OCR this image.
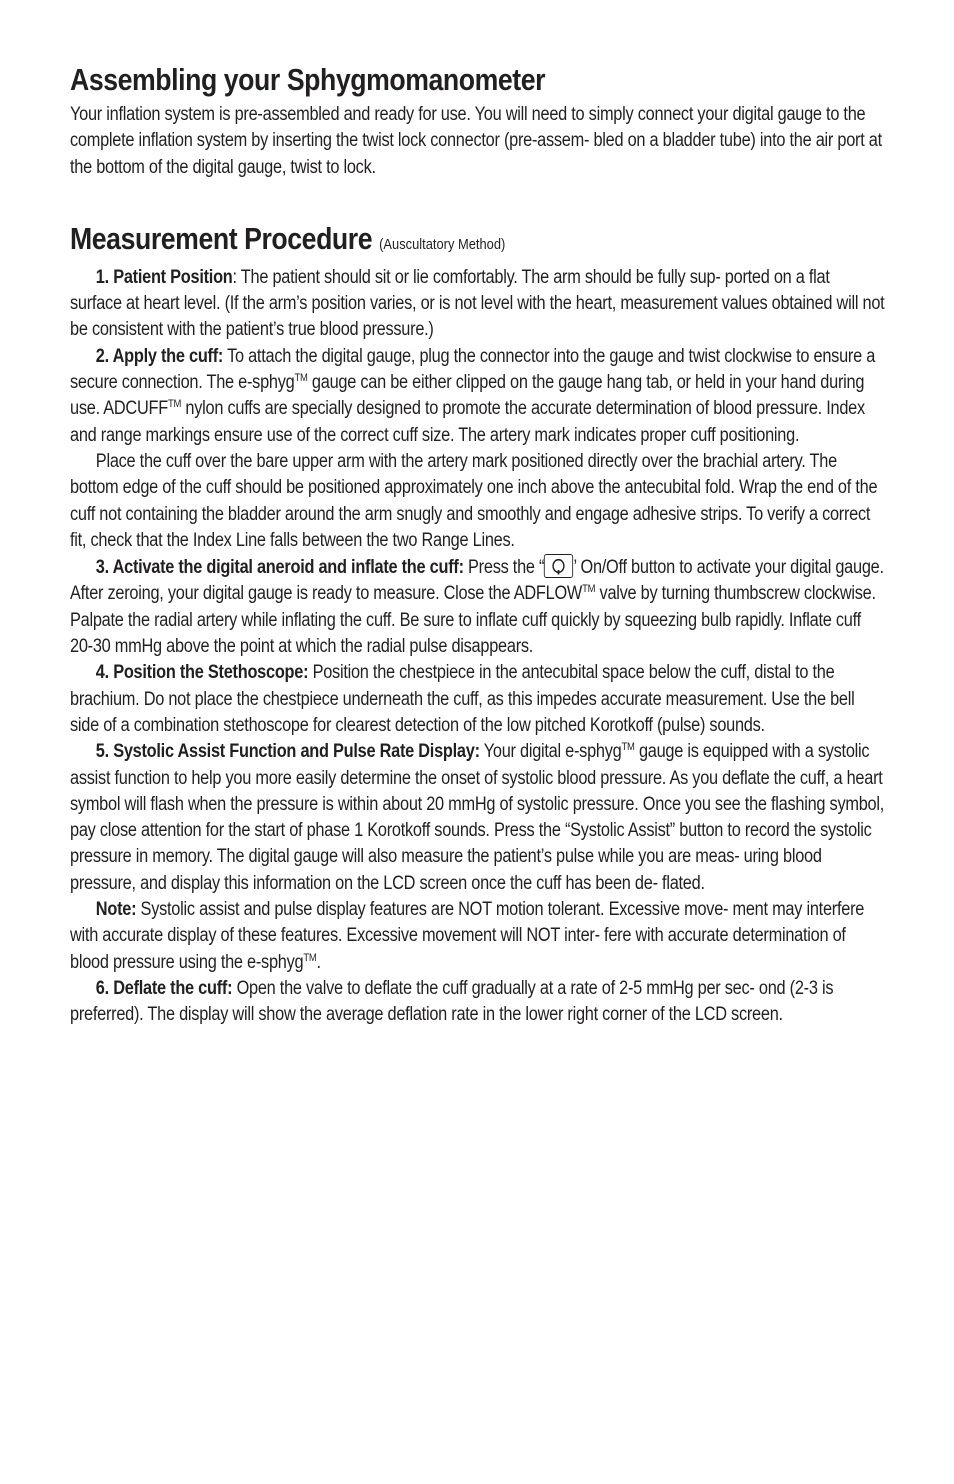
Assembling your Sphygmomanometer

Your inflation system is pre-assembled and ready for use. You will need to simply connect your digital gauge to the complete inflation system by inserting the twist lock connector (pre-assem- bled on a bladder tube) into the air port at the bottom of the digital gauge, twist to lock.

Measurement Procedure (Auscultatory Method)

1. Patient Position: The patient should sit or lie comfortably. The arm should be fully sup- ported on a flat surface at heart level. (If the arm’s position varies, or is not level with the heart, measurement values obtained will not be consistent with the patient’s true blood pressure.)

2. Apply the cuff: To attach the digital gauge, plug the connector into the gauge and twist clockwise to ensure a secure connection. The e-sphyg™ gauge can be either clipped on the gauge hang tab, or held in your hand during use. ADCUFF™ nylon cuffs are specially designed to promote the accurate determination of blood pressure. Index and range markings ensure use of the correct cuff size. The artery mark indicates proper cuff positioning.

Place the cuff over the bare upper arm with the artery mark positioned directly over the brachial artery. The bottom edge of the cuff should be positioned approximately one inch above the antecubital fold. Wrap the end of the cuff not containing the bladder around the arm snugly and smoothly and engage adhesive strips. To verify a correct fit, check that the Index Line falls between the two Range Lines.

3. Activate the digital aneroid and inflate the cuff: Press the “ ’ On/Off button to activate your digital gauge. After zeroing, your digital gauge is ready to measure. Close the ADFLOW™ valve by turning thumbscrew clockwise. Palpate the radial artery while inflating the cuff. Be sure to inflate cuff quickly by squeezing bulb rapidly. Inflate cuff 20-30 mmHg above the point at which the radial pulse disappears.

4. Position the Stethoscope: Position the chestpiece in the antecubital space below the cuff, distal to the brachium. Do not place the chestpiece underneath the cuff, as this impedes accurate measurement. Use the bell side of a combination stethoscope for clearest detection of the low pitched Korotkoff (pulse) sounds.

5. Systolic Assist Function and Pulse Rate Display: Your digital e-sphyg™ gauge is equipped with a systolic assist function to help you more easily determine the onset of systolic blood pressure. As you deflate the cuff, a heart symbol will flash when the pressure is within about 20 mmHg of systolic pressure. Once you see the flashing symbol, pay close attention for the start of phase 1 Korotkoff sounds. Press the “Systolic Assist” button to record the systolic pressure in memory. The digital gauge will also measure the patient’s pulse while you are meas- uring blood pressure, and display this information on the LCD screen once the cuff has been de- flated.

Note: Systolic assist and pulse display features are NOT motion tolerant. Excessive move- ment may interfere with accurate display of these features. Excessive movement will NOT inter- fere with accurate determination of blood pressure using the e-sphyg™.

6. Deflate the cuff: Open the valve to deflate the cuff gradually at a rate of 2-5 mmHg per sec- ond (2-3 is preferred). The display will show the average deflation rate in the lower right corner of the LCD screen.
